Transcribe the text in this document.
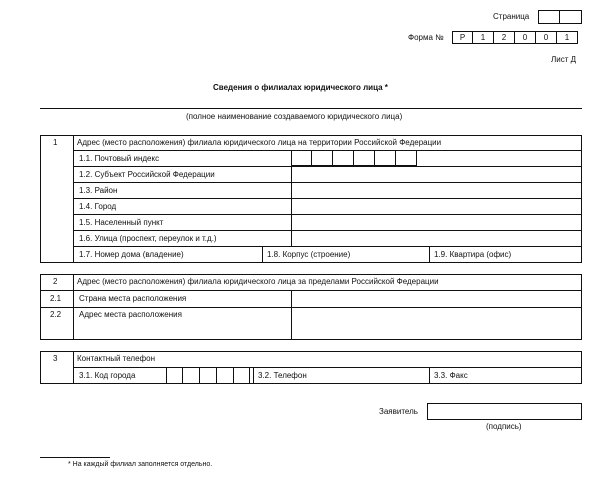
Страница
Форма №	Р	1	2	0	0	1
Лист Д
Сведения о филиалах юридического лица *
(полное наименование создаваемого юридического лица)
1 Адрес (место расположения) филиала юридического лица на территории Российской Федерации
1.1. Почтовый индекс
1.2. Субъект Российской Федерации
1.3. Район
1.4. Город
1.5. Населенный пункт
1.6. Улица (проспект, переулок и т.д.)
1.7. Номер дома (владение)	1.8. Корпус (строение)	1.9. Квартира (офис)
2 Адрес (место расположения) филиала юридического лица за пределами Российской Федерации
2.1 Страна места расположения
2.2 Адрес места расположения
3 Контактный телефон
3.1. Код города	3.2. Телефон	3.3. Факс
Заявитель
(подпись)
* На каждый филиал заполняется отдельно.
